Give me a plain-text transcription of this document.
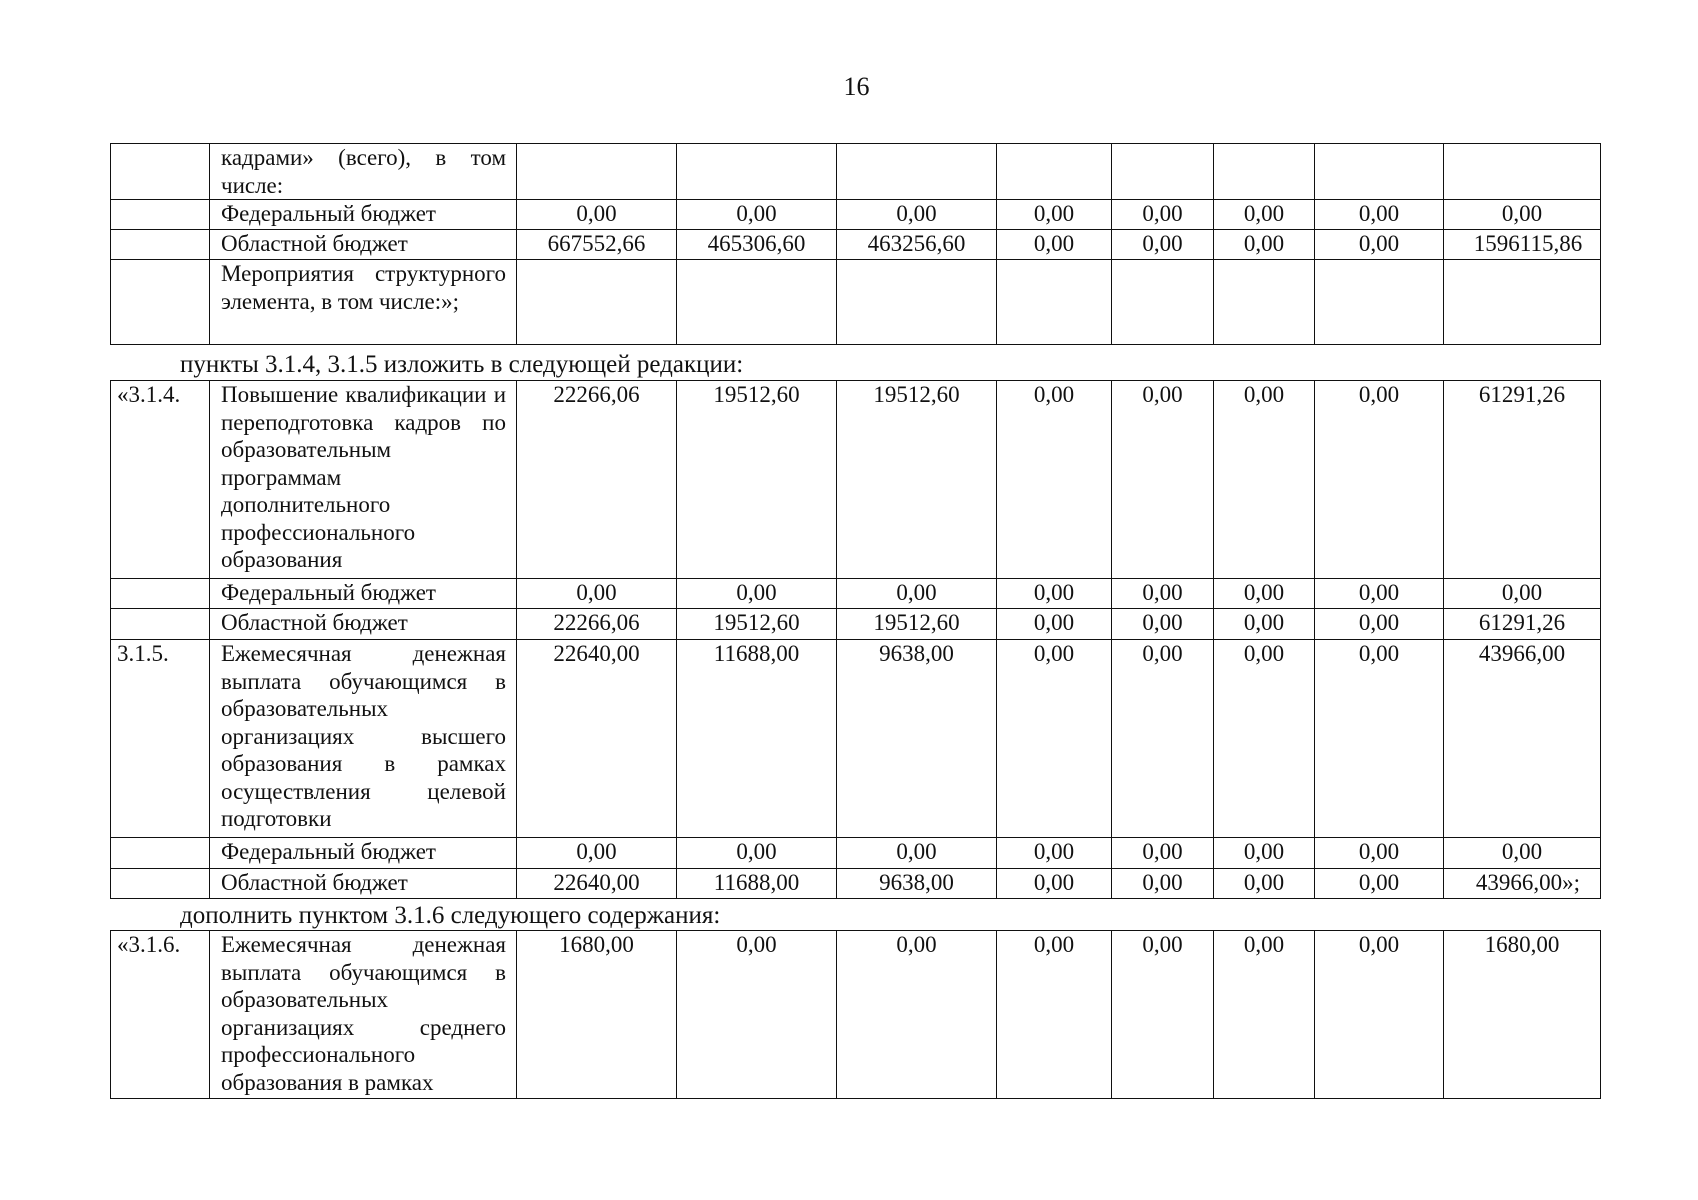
16
	кадрами» (всего), в том числе:								
	Федеральный бюджет	0,00	0,00	0,00	0,00	0,00	0,00	0,00	0,00
	Областной бюджет	667552,66	465306,60	463256,60	0,00	0,00	0,00	0,00	1596115,86
	Мероприятия структурного элемента, в том числе:»;								
пункты 3.1.4, 3.1.5 изложить в следующей редакции:
«3.1.4.	Повышение квалификации и переподготовка кадров по образовательным программам дополнительного профессионального образования	22266,06	19512,60	19512,60	0,00	0,00	0,00	0,00	61291,26
	Федеральный бюджет	0,00	0,00	0,00	0,00	0,00	0,00	0,00	0,00
	Областной бюджет	22266,06	19512,60	19512,60	0,00	0,00	0,00	0,00	61291,26
3.1.5.	Ежемесячная денежная выплата обучающимся в образовательных организациях высшего образования в рамках осуществления целевой подготовки	22640,00	11688,00	9638,00	0,00	0,00	0,00	0,00	43966,00
	Федеральный бюджет	0,00	0,00	0,00	0,00	0,00	0,00	0,00	0,00
	Областной бюджет	22640,00	11688,00	9638,00	0,00	0,00	0,00	0,00	43966,00»;
дополнить пунктом 3.1.6 следующего содержания:
«3.1.6.	Ежемесячная денежная выплата обучающимся в образовательных организациях среднего профессионального образования в рамках	1680,00	0,00	0,00	0,00	0,00	0,00	0,00	1680,00
